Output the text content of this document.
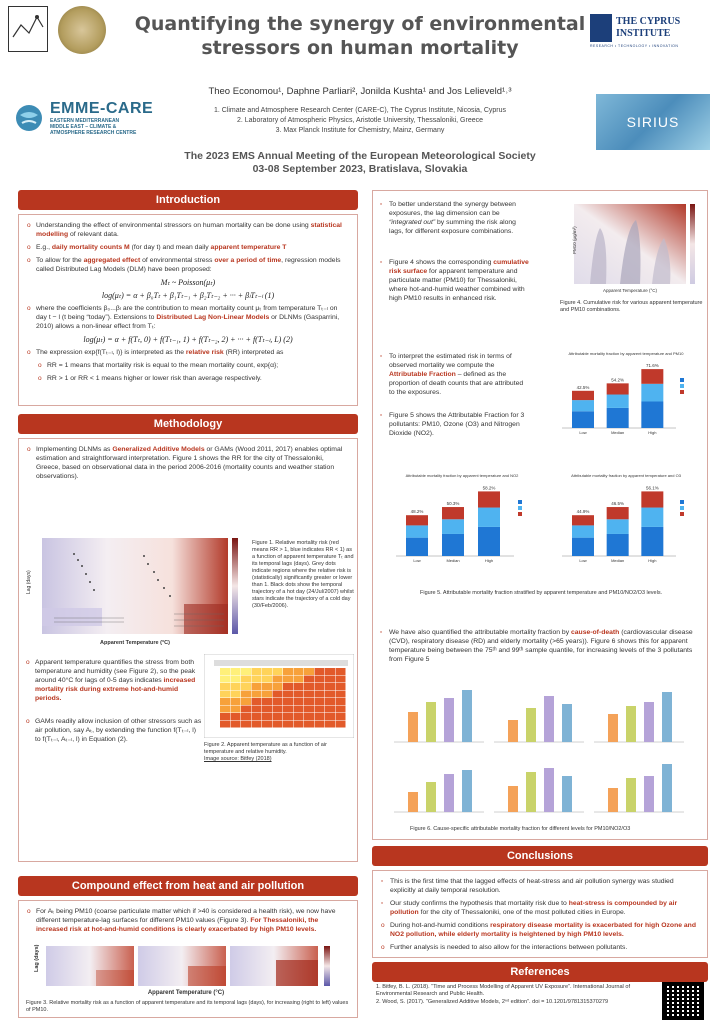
Quantifying the synergy of environmental stressors on human mortality
Theo Economou¹, Daphne Parliari², Jonilda Kushta¹ and Jos Lelieveld¹˒³
1. Climate and Atmosphere Research Center (CARE-C), The Cyprus Institute, Nicosia, Cyprus
2. Laboratory of Atmospheric Physics, Aristotle University, Thessaloniki, Greece
3. Max Planck Institute for Chemistry, Mainz, Germany
The 2023 EMS Annual Meeting of the European Meteorological Society
03-08 September 2023, Bratislava, Slovakia
EMME-CARE
EASTERN MEDITERRANEAN
MIDDLE EAST – CLIMATE &
ATMOSPHERE RESEARCH CENTRE
THE CYPRUS
INSTITUTE
RESEARCH • TECHNOLOGY • INNOVATION
SIRIUS
Introduction

o Understanding the effect of environmental stressors on human mortality can be done using statistical modelling of relevant data.

o E.g., daily mortality counts M (for day t) and mean daily apparent temperature T

o To allow for the aggregated effect of environmental stress over a period of time, regression models called Distributed Lag Models (DLM) have been proposed:

Mₜ ~ Poisson(μₜ)
log(μₜ) = α + β₀Tₜ + β₁Tₜ₋₁ + β₂Tₜ₋₂ + ··· + βₗTₜ₋ₗ (1)

o where the coefficients β₀...βₗ are the contribution to mean mortality count μₜ from temperature Tₜ₋ₗ on day t − l (t being “today”). Extensions to Distributed Lag Non-Linear Models or DLNMs (Gasparrini, 2010) allows a non-linear effect from Tₜ:

log(μₜ) = α + f(Tₜ, 0) + f(Tₜ₋₁, 1) + f(Tₜ₋₂, 2) + ··· + f(Tₜ₋ₗ, L) (2)

o The expression exp{f(Tₜ₋ₗ, l)} is interpreted as the relative risk (RR) interpreted as

o RR = 1 means that mortality risk is equal to the mean mortality count, exp{α};

o RR > 1 or RR < 1 means higher or lower risk than average respectively.

Methodology

o Implementing DLNMs as Generalized Additive Models or GAMs (Wood 2011, 2017) enables optimal estimation and straightforward interpretation. Figure 1 shows the RR for the city of Thessaloniki, Greece, based on observational data in the period 2006-2016 (mortality counts and weather station observations).

Lag (days)
Apparent Temperature (°C)
Figure 1. Relative mortality risk (red means RR > 1, blue indicates RR < 1) as a function of apparent temperature Tₜ and its temporal lags (days). Grey dots indicate regions where the relative risk is (statistically) significantly greater or lower than 1. Black dots show the temporal trajectory of a hot day (24/Jul/2007) whilst stars indicate the trajectory of a cold day (30/Feb/2006).

o Apparent temperature quantifies the stress from both temperature and humidity (see Figure 2), so the peak around 40°C for lags of 0-5 days indicates increased mortality risk during extreme hot-and-humid periods.

o GAMs readily allow inclusion of other stressors such as air pollution, say Aₜ, by extending the function f(Tₜ₋ₗ, l) to f(Tₜ₋ₗ, Aₜ₋ₗ, l) in Equation (2).

Figure 2. Apparent temperature as a function of air temperature and relative humidity.
Image source: Bitfey (2018)
Compound effect from heat and air pollution

o For Aₜ being PM10 (coarse particulate matter which if >40 is considered a health risk), we now have different temperature-lag surfaces for different PM10 values (Figure 3). For Thessaloniki, the increased risk at hot-and-humid conditions is clearly exacerbated by high PM10 levels.

Lag (days)
Apparent Temperature (°C)
Figure 3. Relative mortality risk as a function of apparent temperature and its temporal lags (days), for increasing (right to left) values of PM10.

▫ To better understand the synergy between exposures, the lag dimension can be “integrated out” by summing the risk along lags, for different exposure combinations.

▫ Figure 4 shows the corresponding cumulative risk surface for apparent temperature and particulate matter (PM10) for Thessaloniki, where hot-and-humid weather combined with high PM10 results in enhanced risk.

PM10 (μg/m³)
Apparent Temperature (°C)
Figure 4. Cumulative risk for various apparent temperature and PM10 combinations.

▫ To interpret the estimated risk in terms of observed mortality we compute the Attributable Fraction – defined as the proportion of death counts that are attributed to the exposures.

▫ Figure 5 shows the Attributable Fraction for 3 pollutants: PM10, Ozone (O3) and Nitrogen Dioxide (NO2).

Attributable mortality fraction by apparent temperature and PM10
42.5%
Low
54.2%
Median
71.6%
High
Attributable mortality fraction by apparent temperature and NO2
48.2%
Low
50.3%
Median
58.2%
High
Attributable mortality fraction by apparent temperature and O3
44.9%
Low
46.5%
Median
56.1%
High
Figure 5. Attributable mortality fraction stratified by apparent temperature and PM10/NO2/O3 levels.

▫ We have also quantified the attributable mortality fraction by cause-of-death (cardiovascular disease (CVD), respiratory disease (RD) and elderly mortality (>65 years)). Figure 6 shows this for apparent temperature being between the 75ᵗʰ and 99ᵗʰ sample quantile, for increasing levels of the 3 pollutants from Figure 5

Figure 6. Cause-specific attributable mortality fraction for different levels for PM10/NO2/O3
Conclusions

▫ This is the first time that the lagged effects of heat-stress and air pollution synergy was studied explicitly at daily temporal resolution.

▫ Our study confirms the hypothesis that mortality risk due to heat-stress is compounded by air pollution for the city of Thessaloniki, one of the most polluted cities in Europe.

o During hot-and-humid conditions respiratory disease mortality is exacerbated for high Ozone and NO2 pollution, while elderly mortality is heightened by high PM10 levels.

o Further analysis is needed to also allow for the interactions between pollutants.

References
1. Bitfey, B. L. (2018). “Time and Process Modelling of Apparent UV Exposure”. International Journal of Environmental Research and Public Health.
2. Wood, S. (2017). “Generalized Additive Models, 2ⁿᵈ edition”. doi = 10.1201/9781315370279
